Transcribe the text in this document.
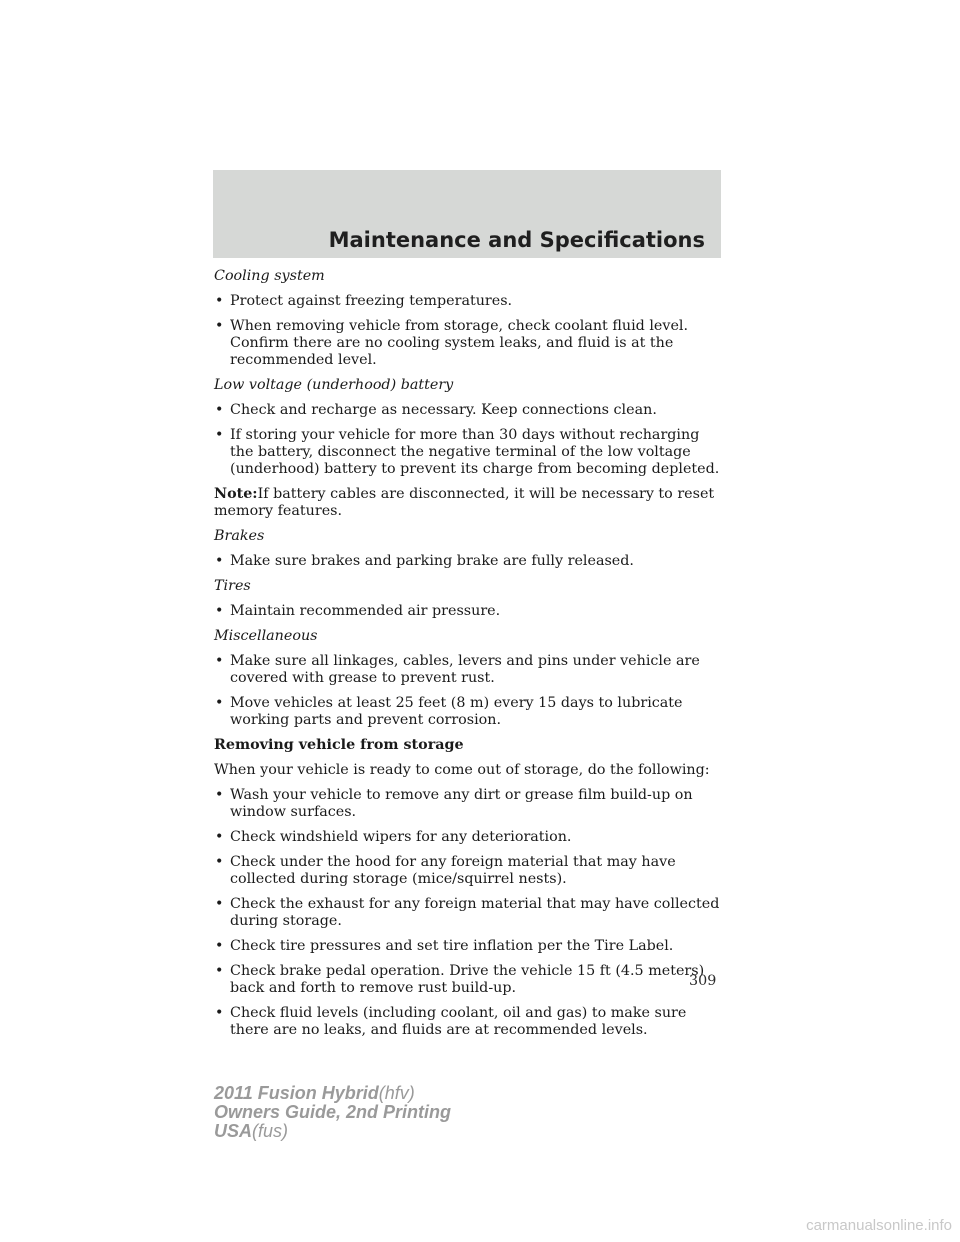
Maintenance and Specifications
Cooling system
• Protect against freezing temperatures.
• When removing vehicle from storage, check coolant fluid level. Confirm there are no cooling system leaks, and fluid is at the recommended level.
Low voltage (underhood) battery
• Check and recharge as necessary. Keep connections clean.
• If storing your vehicle for more than 30 days without recharging the battery, disconnect the negative terminal of the low voltage (underhood) battery to prevent its charge from becoming depleted.
Note:If battery cables are disconnected, it will be necessary to reset memory features.
Brakes
• Make sure brakes and parking brake are fully released.
Tires
• Maintain recommended air pressure.
Miscellaneous
• Make sure all linkages, cables, levers and pins under vehicle are covered with grease to prevent rust.
• Move vehicles at least 25 feet (8 m) every 15 days to lubricate working parts and prevent corrosion.
Removing vehicle from storage
When your vehicle is ready to come out of storage, do the following:
• Wash your vehicle to remove any dirt or grease film build-up on window surfaces.
• Check windshield wipers for any deterioration.
• Check under the hood for any foreign material that may have collected during storage (mice/squirrel nests).
• Check the exhaust for any foreign material that may have collected during storage.
• Check tire pressures and set tire inflation per the Tire Label.
• Check brake pedal operation. Drive the vehicle 15 ft (4.5 meters) back and forth to remove rust build-up.
• Check fluid levels (including coolant, oil and gas) to make sure there are no leaks, and fluids are at recommended levels.
309
2011 Fusion Hybrid(hfv)
Owners Guide, 2nd Printing
USA(fus)
carmanualsonline.info
